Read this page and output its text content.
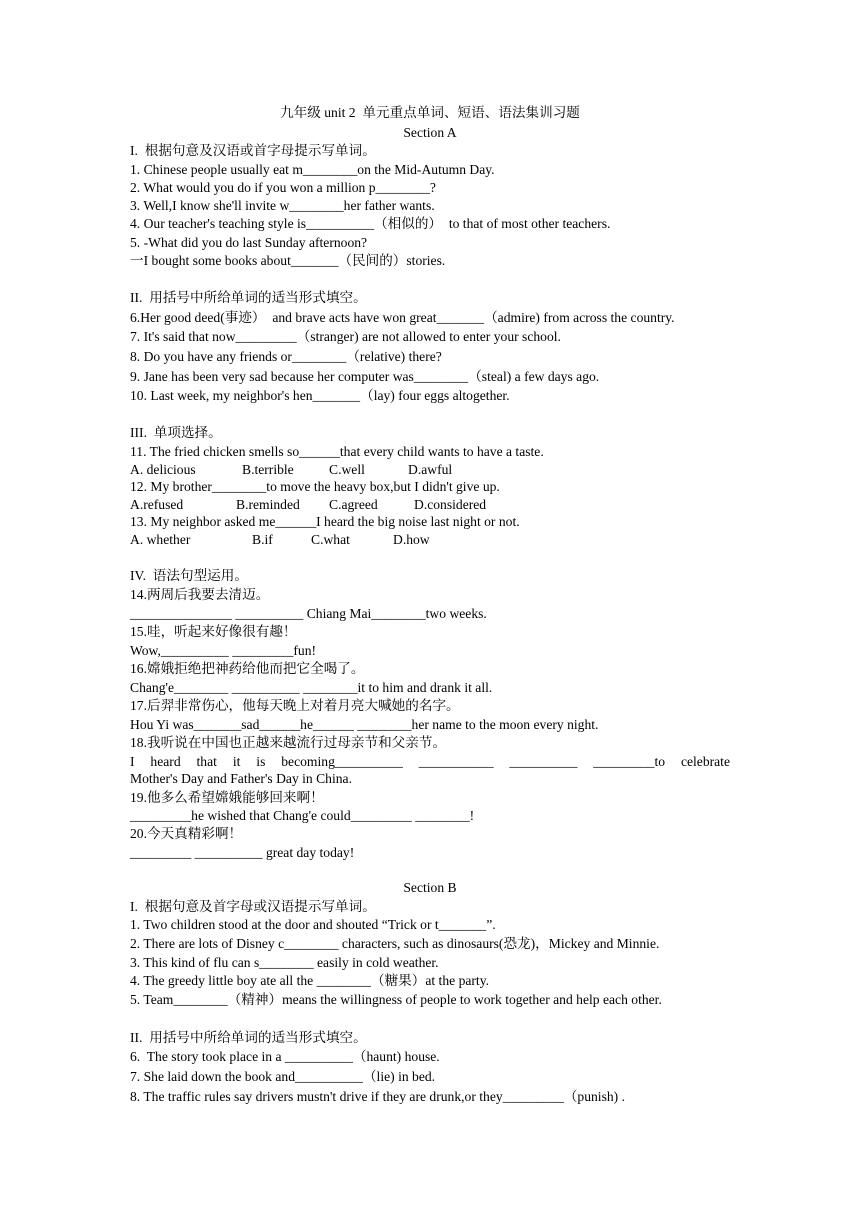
九年级 unit 2  单元重点单词、短语、语法集训习题
Section A
I.  根据句意及汉语或首字母提示写单词。
1. Chinese people usually eat m________on the Mid-Autumn Day.
2. What would you do if you won a million p________?
3. Well,I know she'll invite w________her father wants.
4. Our teacher's teaching style is__________（相似的）  to that of most other teachers.
5. -What did you do last Sunday afternoon?
一I bought some books about_______（民间的）stories.
II.  用括号中所给单词的适当形式填空。
6.Her good deed(事迹）  and brave acts have won great_______（admire) from across the country.
7. It's said that now_________（stranger) are not allowed to enter your school.
8. Do you have any friends or________（relative) there?
9. Jane has been very sad because her computer was________（steal) a few days ago.
10. Last week, my neighbor's hen_______（lay) four eggs altogether.
III.  单项选择。
11. The fried chicken smells so______that every child wants to have a taste.
A. delicious	B.terrible	C.well	D.awful
12. My brother________to move the heavy box,but I didn't give up.
A.refused	B.reminded C.agreed	D.considered
13. My neighbor asked me______I heard the big noise last night or not.
A. whether	B.if	C.what	D.how
IV.  语法句型运用。
14.两周后我要去清迈。
_______________ __________ Chiang Mai________two weeks.
15.哇，听起来好像很有趣！
Wow,__________ _________fun!
16.嫦娥拒绝把神药给他而把它全喝了。
Chang'e________ __________ ________it to him and drank it all.
17.后羿非常伤心，他每天晚上对着月亮大喊她的名字。
Hou Yi was_______sad______he______ ________her name to the moon every night.
18.我听说在中国也正越来越流行过母亲节和父亲节。
I heard that it is becoming__________ ___________ __________ _________to celebrate
Mother's Day and Father's Day in China.
19.他多么希望嫦娥能够回来啊！
_________he wished that Chang'e could_________ ________!
20.今天真精彩啊！
_________ __________ great day today!
Section B
I.  根据句意及首字母或汉语提示写单词。
1. Two children stood at the door and shouted “Trick or t_______”.
2. There are lots of Disney c________ characters, such as dinosaurs(恐龙)，Mickey and Minnie.
3. This kind of flu can s________ easily in cold weather.
4. The greedy little boy ate all the ________（糖果）at the party.
5. Team________（精神）means the willingness of people to work together and help each other.
II.  用括号中所给单词的适当形式填空。
6.  The story took place in a __________（haunt) house.
7. She laid down the book and__________（lie) in bed.
8. The traffic rules say drivers mustn't drive if they are drunk,or they_________（punish) .
